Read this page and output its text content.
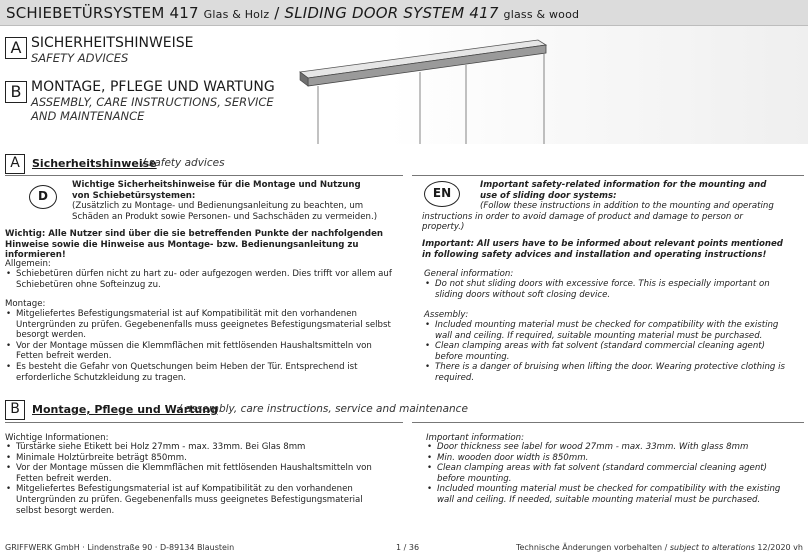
SCHIEBETÜRSYSTEM 417 Glas & Holz / SLIDING DOOR SYSTEM 417 glass & wood
A SICHERHEITSHINWEISE
SAFETY ADVICES
B MONTAGE, PFLEGE UND WARTUNG
ASSEMBLY, CARE INSTRUCTIONS, SERVICE
AND MAINTENANCE
A	Sicherheitshinweise
/ safety advices
D
Wichtige Sicherheitshinweise für die Montage und Nutzung von Schiebetürsystemen:
(Zusätzlich zu Montage- und Bedienungsanleitung zu beachten, um Schäden an Produkt sowie Personen- und Sachschäden zu vermeiden.)
Wichtig: Alle Nutzer sind über die sie betreffenden Punkte der nachfolgenden Hinweise sowie die Hinweise aus Montage- bzw. Bedienungsanleitung zu informieren!
Allgemein:
• Schiebetüren dürfen nicht zu hart zu- oder aufgezogen werden. Dies trifft vor allem auf Schiebetüren ohne Softeinzug zu.
Montage:
• Mitgeliefertes Befestigungsmaterial ist auf Kompatibilität mit den vorhandenen Untergründen zu prüfen. Gegebenenfalls muss geeignetes Befestigungsmaterial selbst besorgt werden.
• Vor der Montage müssen die Klemmflächen mit fettlösenden Haushaltsmitteln von Fetten befreit werden.
• Es besteht die Gefahr von Quetschungen beim Heben der Tür. Entsprechend ist erforderliche Schutzkleidung zu tragen.
EN
Important safety-related information for the mounting and use of sliding door systems:
(Follow these instructions in addition to the mounting and operating instructions in order to avoid damage of product and damage to person or property.)
Important: All users have to be informed about relevant points mentioned in following safety advices and installation and operating instructions!
General information:
• Do not shut sliding doors with excessive force. This is especially important on sliding doors without soft closing device.
Assembly:
• Included mounting material must be checked for compatibility with the existing wall and ceiling. If required, suitable mounting material must be purchased.
• Clean clamping areas with fat solvent (standard commercial cleaning agent) before mounting.
• There is a danger of bruising when lifting the door. Wearing protective clothing is required.
B	Montage, Pflege und Wartung
/ assembly, care instructions, service and maintenance
Wichtige Informationen:
• Türstärke siehe Etikett bei Holz 27mm - max. 33mm. Bei Glas 8mm
• Minimale Holztürbreite beträgt 850mm.
• Vor der Montage müssen die Klemmflächen mit fettlösenden Haushaltsmitteln von Fetten befreit werden.
• Mitgeliefertes Befestigungsmaterial ist auf Kompatibilität zu den vorhandenen Untergründen zu prüfen. Gegebenenfalls muss geeignetes Befestigungsmaterial selbst besorgt werden.
Important information:
• Door thickness see label for wood 27mm - max. 33mm. With glass 8mm
• Min. wooden door width is 850mm.
• Clean clamping areas with fat solvent (standard commercial cleaning agent) before mounting.
• Included mounting material must be checked for compatibility with the existing wall and ceiling. If needed, suitable mounting material must be purchased.
GRIFFWERK GmbH · Lindenstraße 90 · D-89134 Blaustein	1 / 36	Technische Änderungen vorbehalten / subject to alterations 12/2020 vh
